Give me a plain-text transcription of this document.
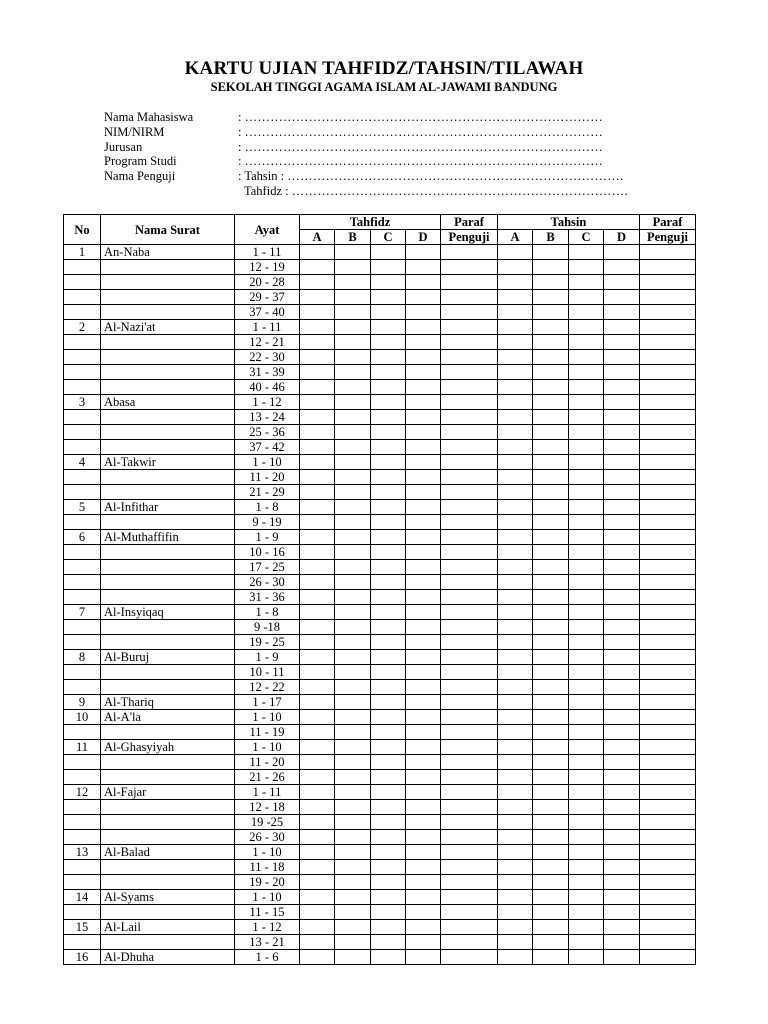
KARTU UJIAN TAHFIDZ/TAHSIN/TILAWAH
SEKOLAH TINGGI AGAMA ISLAM AL-JAWAMI BANDUNG
Nama Mahasiswa	: …………………………………………………………………………
NIM/NIRM	: …………………………………………………………………………
Jurusan	: …………………………………………………………………………
Program Studi	: …………………………………………………………………………
Nama Penguji	: Tahsin : …………………………………………………………………….
Tahfidz : …………………………………………………………………….
No	Nama Surat	Ayat	Tahfidz				Paraf	Tahsin				Paraf
			A	B	C	D	Penguji	A	B	C	D	Penguji
1	An-Naba	1 - 11										
		12 - 19										
		20 - 28										
		29 - 37										
		37 - 40										
2	Al-Nazi'at	1 - 11										
		12 - 21										
		22 - 30										
		31 - 39										
		40 - 46										
3	Abasa	1 - 12										
		13 - 24										
		25 - 36										
		37 - 42										
4	Al-Takwir	1 - 10										
		11 - 20										
		21 - 29										
5	Al-Infithar	1 - 8										
		9 - 19										
6	Al-Muthaffifin	1 - 9										
		10 - 16										
		17 - 25										
		26 - 30										
		31 - 36										
7	Al-Insyiqaq	1 - 8										
		9 -18										
		19 - 25										
8	Al-Buruj	1 - 9										
		10 - 11										
		12 - 22										
9	Al-Thariq	1 - 17										
10	Al-A'la	1 - 10										
		11 - 19										
11	Al-Ghasyiyah	1 - 10										
		11 - 20										
		21 - 26										
12	Al-Fajar	1 - 11										
		12 - 18										
		19 -25										
		26 - 30										
13	Al-Balad	1 - 10										
		11 - 18										
		19 - 20										
14	Al-Syams	1 - 10										
		11 - 15										
15	Al-Lail	1 - 12										
		13 - 21										
16	Al-Dhuha	1 - 6										
